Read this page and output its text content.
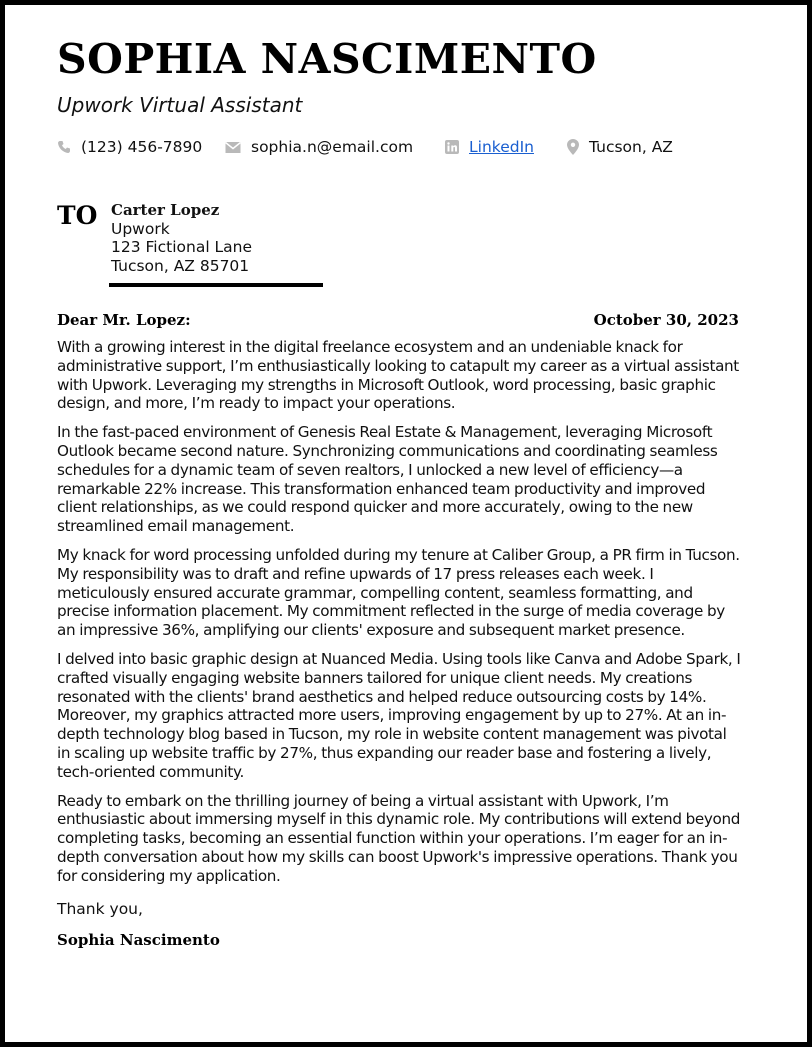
SOPHIA NASCIMENTO
Upwork Virtual Assistant
(123) 456-7890	sophia.n@email.com	LinkedIn	Tucson, AZ
TO Carter Lopez
Upwork
123 Fictional Lane
Tucson, AZ 85701
Dear Mr. Lopez:	October 30, 2023

With a growing interest in the digital freelance ecosystem and an undeniable knack for administrative support, I’m enthusiastically looking to catapult my career as a virtual assistant with Upwork. Leveraging my strengths in Microsoft Outlook, word processing, basic graphic design, and more, I’m ready to impact your operations.

In the fast-paced environment of Genesis Real Estate & Management, leveraging Microsoft Outlook became second nature. Synchronizing communications and coordinating seamless schedules for a dynamic team of seven realtors, I unlocked a new level of efficiency—a remarkable 22% increase. This transformation enhanced team productivity and improved client relationships, as we could respond quicker and more accurately, owing to the new streamlined email management.

My knack for word processing unfolded during my tenure at Caliber Group, a PR firm in Tucson. My responsibility was to draft and refine upwards of 17 press releases each week. I meticulously ensured accurate grammar, compelling content, seamless formatting, and precise information placement. My commitment reflected in the surge of media coverage by an impressive 36%, amplifying our clients' exposure and subsequent market presence.

I delved into basic graphic design at Nuanced Media. Using tools like Canva and Adobe Spark, I crafted visually engaging website banners tailored for unique client needs. My creations resonated with the clients' brand aesthetics and helped reduce outsourcing costs by 14%. Moreover, my graphics attracted more users, improving engagement by up to 27%. At an in-depth technology blog based in Tucson, my role in website content management was pivotal in scaling up website traffic by 27%, thus expanding our reader base and fostering a lively, tech-oriented community.

Ready to embark on the thrilling journey of being a virtual assistant with Upwork, I’m enthusiastic about immersing myself in this dynamic role. My contributions will extend beyond completing tasks, becoming an essential function within your operations. I’m eager for an in-depth conversation about how my skills can boost Upwork's impressive operations. Thank you for considering my application.

Thank you,
Sophia Nascimento
